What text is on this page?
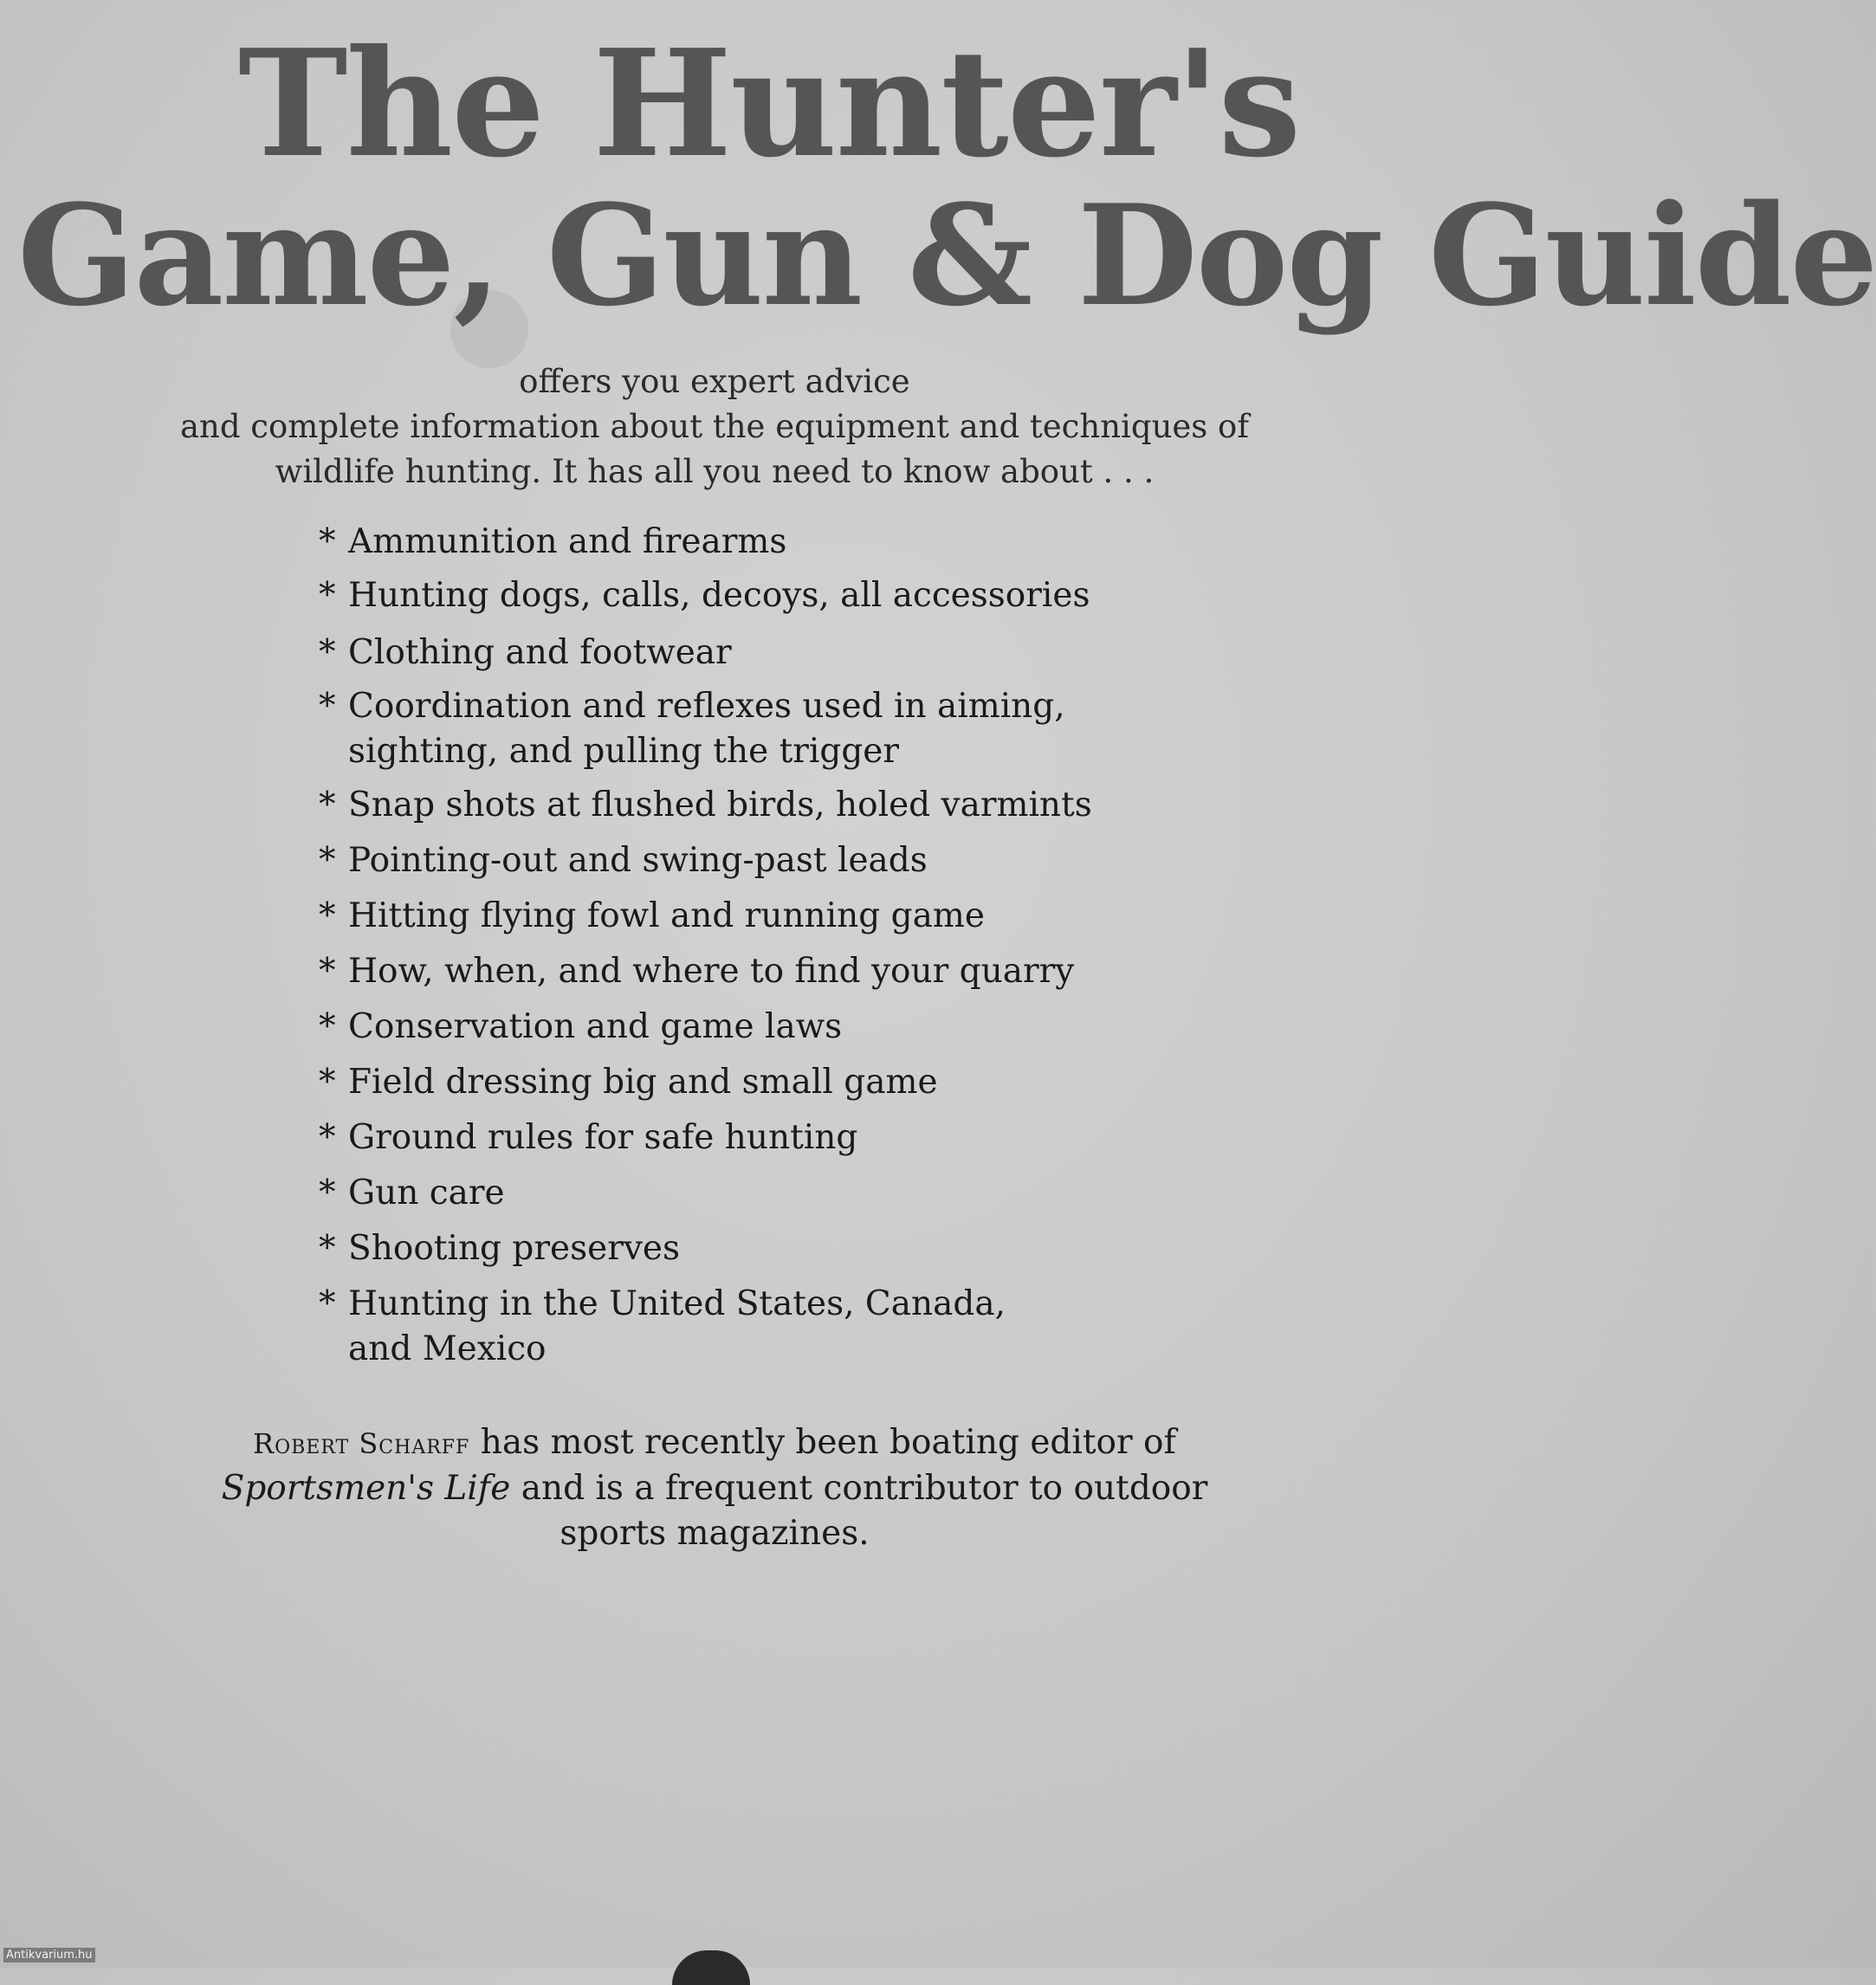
The Hunter's
Game, Gun & Dog Guide

offers you expert advice
and complete information about the equipment and techniques of
wildlife hunting. It has all you need to know about . . .

* Ammunition and firearms
* Hunting dogs, calls, decoys, all accessories
* Clothing and footwear
* Coordination and reflexes used in aiming,
sighting, and pulling the trigger
* Snap shots at flushed birds, holed varmints
* Pointing-out and swing-past leads
* Hitting flying fowl and running game
* How, when, and where to find your quarry
* Conservation and game laws
* Field dressing big and small game
* Ground rules for safe hunting
* Gun care
* Shooting preserves
* Hunting in the United States, Canada,
and Mexico

Robert Scharff has most recently been boating editor of
Sportsmen's Life and is a frequent contributor to outdoor
sports magazines.

Antikvarium.hu
